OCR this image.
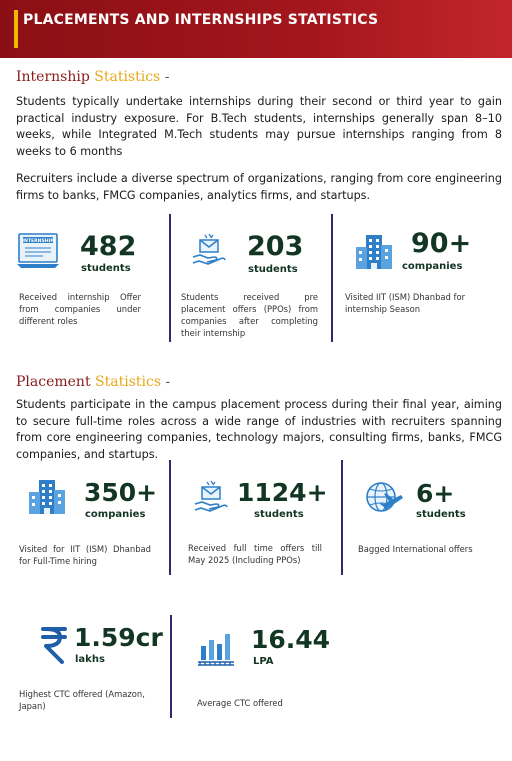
PLACEMENTS AND INTERNSHIPS STATISTICS
Internship Statistics -
Students typically undertake internships during their second or third year to gain practical industry exposure. For B.Tech students, internships generally span 8–10 weeks, while Integrated M.Tech students may pursue internships ranging from 8 weeks to 6 months
Recruiters include a diverse spectrum of organizations, ranging from core engineering firms to banks, FMCG companies, analytics firms, and startups.
INTERNSHIP 482
students
Received internship Offer from companies under different roles
203
students
Students received pre placement offers (PPOs) from companies after completing their internship
90+
companies
Visited IIT (ISM) Dhanbad for internship Season
Placement Statistics -
Students participate in the campus placement process during their final year, aiming to secure full-time roles across a wide range of industries with recruiters spanning from core engineering companies, technology majors, consulting firms, banks, FMCG companies, and startups.
350+
companies
Visited for IIT (ISM) Dhanbad for Full-Time hiring
1124+
students
Received full time offers till May 2025 (Including PPOs)
6+
students
Bagged International offers
1.59cr
lakhs
Highest CTC offered (Amazon, Japan)
16.44
LPA
Average CTC offered
